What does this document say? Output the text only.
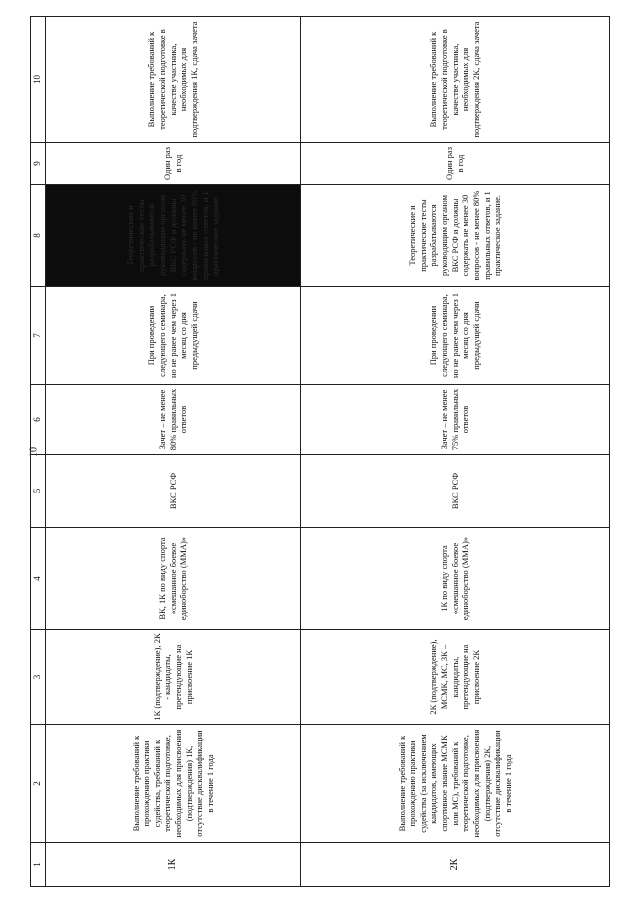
10
1	2	3	4	5	6	7	8	9	10
1К	Выполнение требований к прохождению практики судейства, требований к теоретической подготовке, необходимых для присвоения (подтверждения) 1К, отсутствие дисквалификации в течение 1 года	1К (подтверждение), 2К - кандидаты, претендующие на присвоение 1К	ВК, 1К по виду спорта «смешанное боевое единоборство (ММА)»	ВКС РСФ	Зачет – не менее 80% правильных ответов	При проведении следующего семинара, но не ранее чем через 1 месяц со дня предыдущей сдачи	Теоретические и практические тесты разрабатываются руководящим органом ВКС РСФ и должны содержать не менее 30 вопросов - не менее 80% правильных ответов, и 1 практическое задание.	Один раз в год	Выполнение требований к теоретической подготовке в качестве участника, необходимых для подтверждения 1К, сдача зачета
2К	Выполнение требований к прохождению практики судейства (за исключением кандидатов, имеющих спортивное звание МСМК или МС), требований к теоретической подготовке, необходимых для присвоения (подтверждения) 2К, отсутствие дисквалификации в течение 1 года	2К (подтверждение), МСМК, МС, 3К – кандидаты, претендующие на присвоение 2К	1К по виду спорта «смешанное боевое единоборство (ММА)»	ВКС РСФ	Зачет – не менее 75% правильных ответов	При проведении следующего семинара, но не ранее чем через 1 месяц со дня предыдущей сдачи	Теоретические и практические тесты разрабатываются руководящим органом ВКС РСФ и должны содержать не менее 30 вопросов - не менее 80% правильных ответов, и 1 практическое задание.	Один раз в год	Выполнение требований к теоретической подготовке в качестве участника, необходимых для подтверждения 2К, сдача зачета
